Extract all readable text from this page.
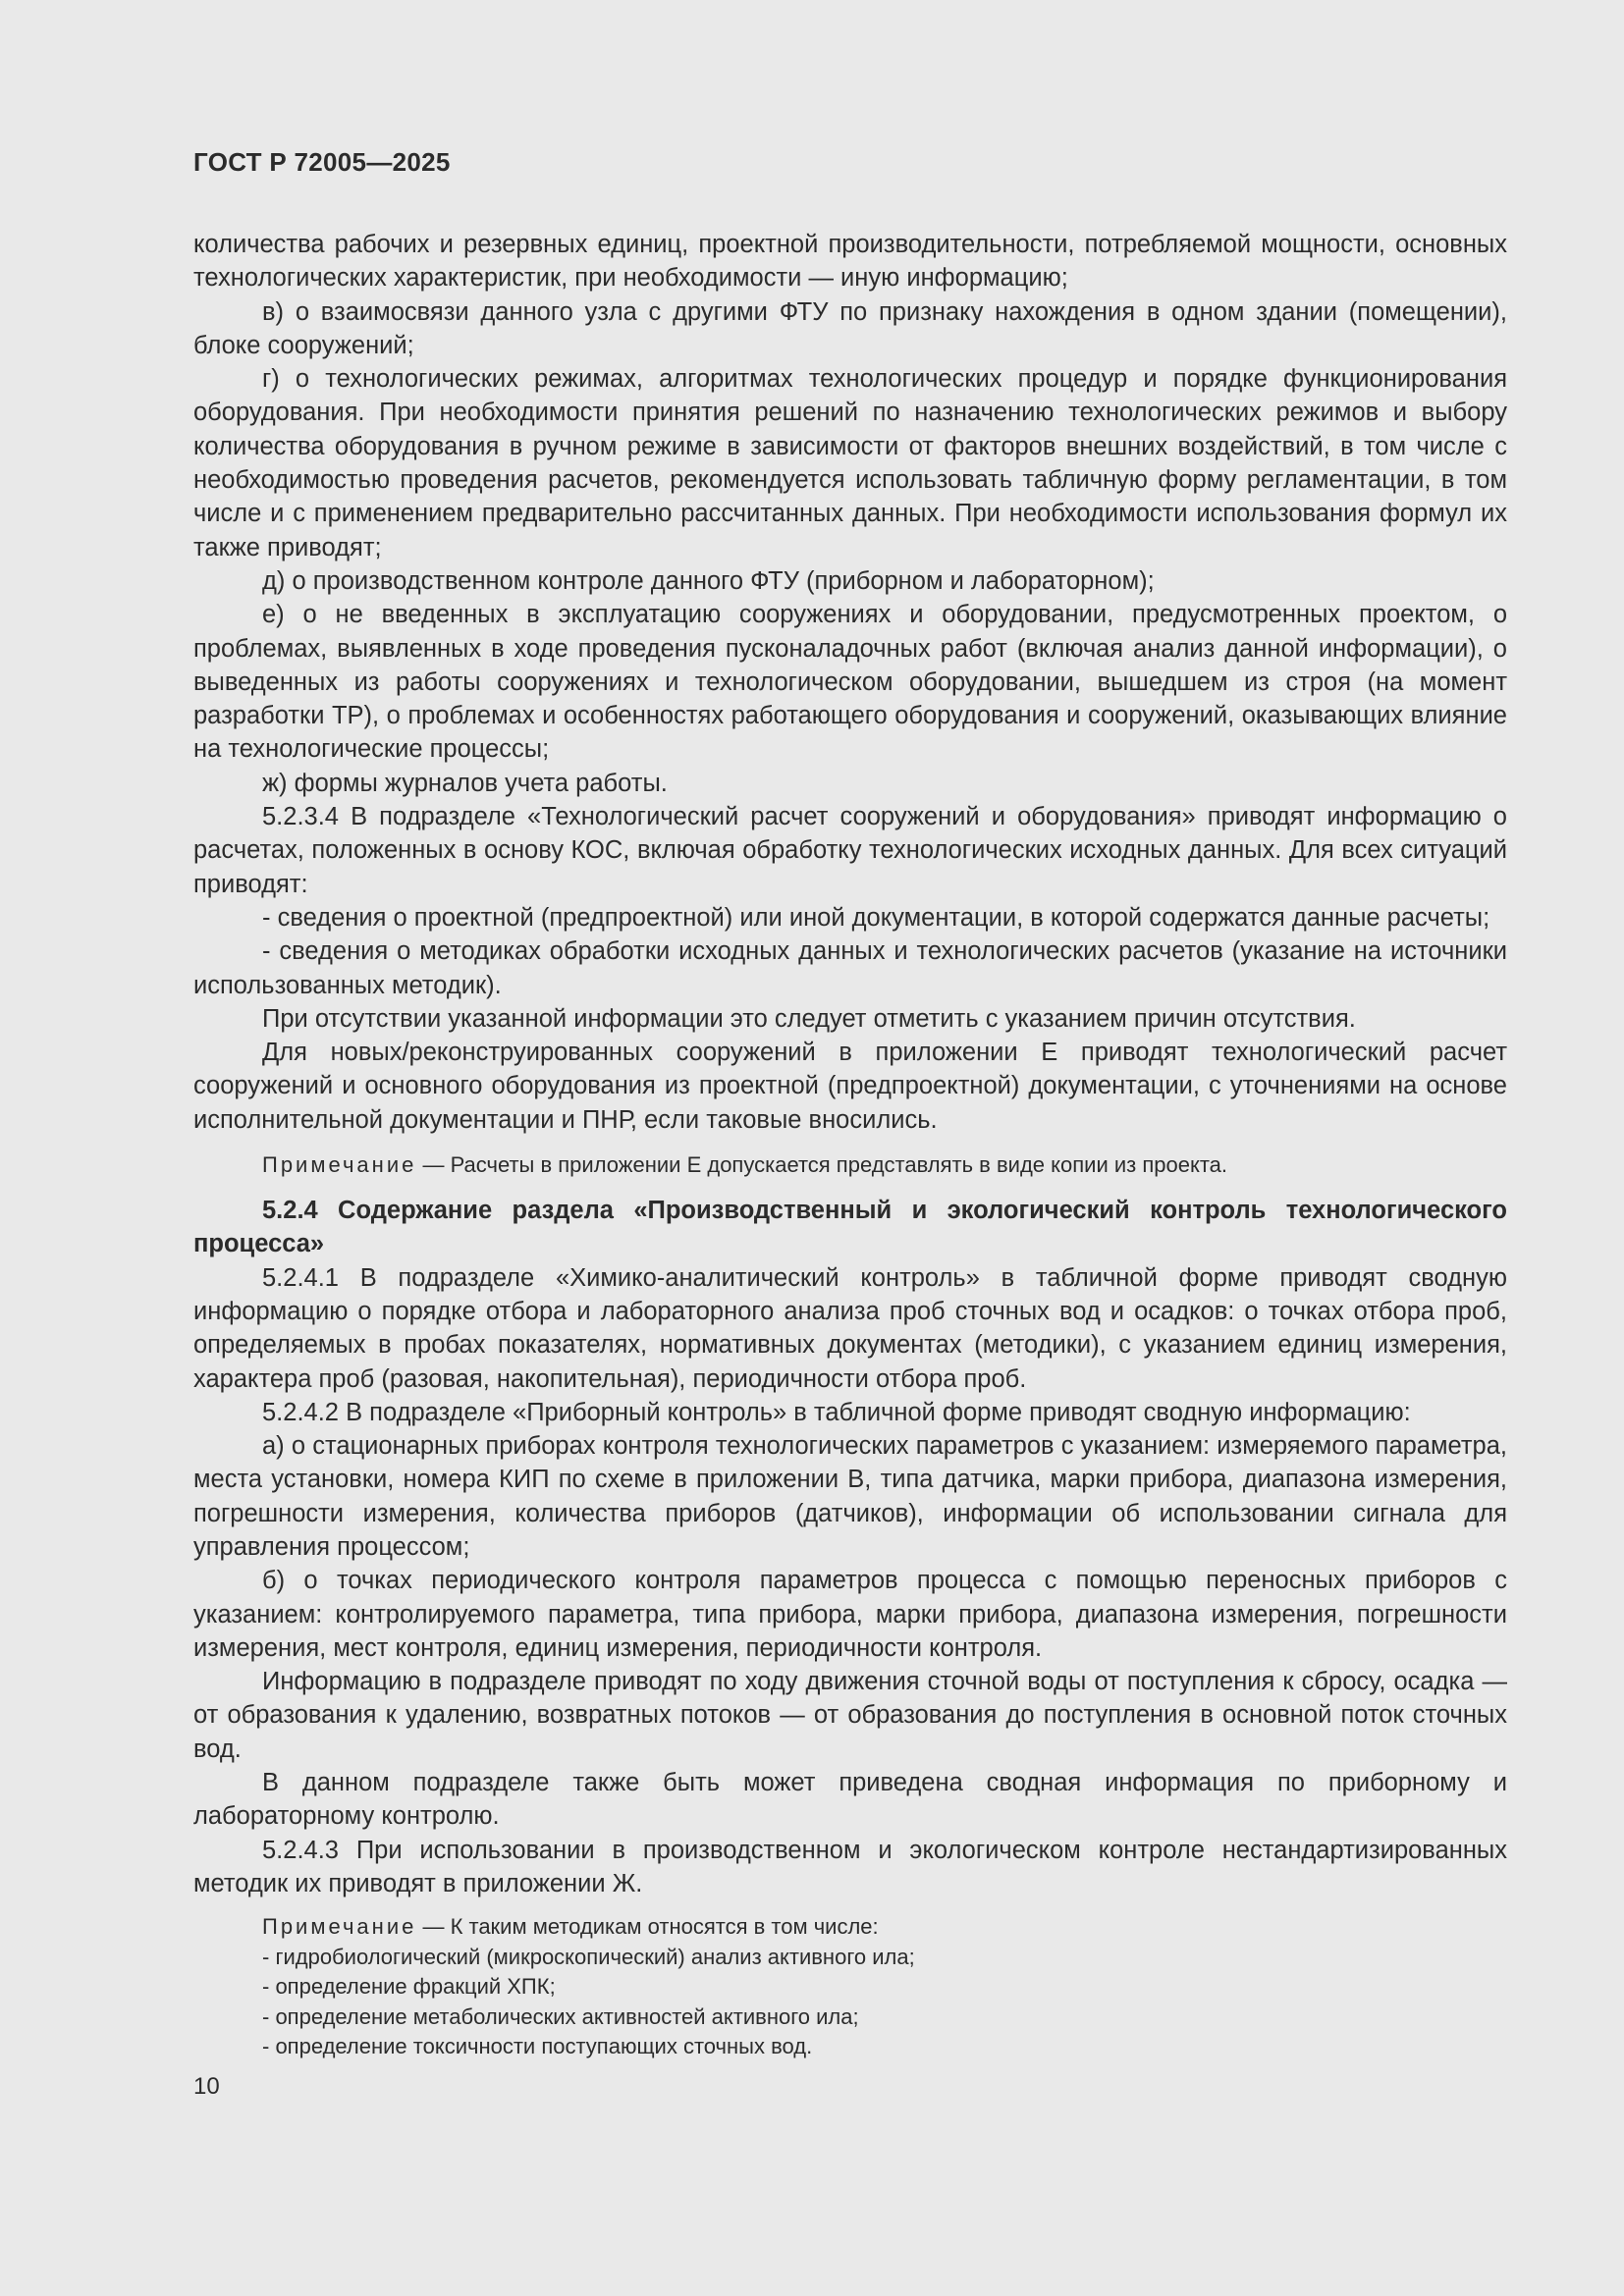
ГОСТ Р 72005—2025

количества рабочих и резервных единиц, проектной производительности, потребляемой мощности, основных технологических характеристик, при необходимости — иную информацию;

в) о взаимосвязи данного узла с другими ФТУ по признаку нахождения в одном здании (помещении), блоке сооружений;

г) о технологических режимах, алгоритмах технологических процедур и порядке функционирования оборудования. При необходимости принятия решений по назначению технологических режимов и выбору количества оборудования в ручном режиме в зависимости от факторов внешних воздействий, в том числе с необходимостью проведения расчетов, рекомендуется использовать табличную форму регламентации, в том числе и с применением предварительно рассчитанных данных. При необходимости использования формул их также приводят;

д) о производственном контроле данного ФТУ (приборном и лабораторном);

е) о не введенных в эксплуатацию сооружениях и оборудовании, предусмотренных проектом, о проблемах, выявленных в ходе проведения пусконаладочных работ (включая анализ данной информации), о выведенных из работы сооружениях и технологическом оборудовании, вышедшем из строя (на момент разработки ТР), о проблемах и особенностях работающего оборудования и сооружений, оказывающих влияние на технологические процессы;

ж) формы журналов учета работы.

5.2.3.4 В подразделе «Технологический расчет сооружений и оборудования» приводят информацию о расчетах, положенных в основу КОС, включая обработку технологических исходных данных. Для всех ситуаций приводят:

- сведения о проектной (предпроектной) или иной документации, в которой содержатся данные расчеты;

- сведения о методиках обработки исходных данных и технологических расчетов (указание на источники использованных методик).

При отсутствии указанной информации это следует отметить с указанием причин отсутствия.

Для новых/реконструированных сооружений в приложении Е приводят технологический расчет сооружений и основного оборудования из проектной (предпроектной) документации, с уточнениями на основе исполнительной документации и ПНР, если таковые вносились.

Примечание — Расчеты в приложении Е допускается представлять в виде копии из проекта.

5.2.4 Содержание раздела «Производственный и экологический контроль технологического процесса»

5.2.4.1 В подразделе «Химико-аналитический контроль» в табличной форме приводят сводную информацию о порядке отбора и лабораторного анализа проб сточных вод и осадков: о точках отбора проб, определяемых в пробах показателях, нормативных документах (методики), с указанием единиц измерения, характера проб (разовая, накопительная), периодичности отбора проб.

5.2.4.2 В подразделе «Приборный контроль» в табличной форме приводят сводную информацию:

а) о стационарных приборах контроля технологических параметров с указанием: измеряемого параметра, места установки, номера КИП по схеме в приложении В, типа датчика, марки прибора, диапазона измерения, погрешности измерения, количества приборов (датчиков), информации об использовании сигнала для управления процессом;

б) о точках периодического контроля параметров процесса с помощью переносных приборов с указанием: контролируемого параметра, типа прибора, марки прибора, диапазона измерения, погрешности измерения, мест контроля, единиц измерения, периодичности контроля.

Информацию в подразделе приводят по ходу движения сточной воды от поступления к сбросу, осадка — от образования к удалению, возвратных потоков — от образования до поступления в основной поток сточных вод.

В данном подразделе также быть может приведена сводная информация по приборному и лабораторному контролю.

5.2.4.3 При использовании в производственном и экологическом контроле нестандартизированных методик их приводят в приложении Ж.

Примечание — К таким методикам относятся в том числе:
- гидробиологический (микроскопический) анализ активного ила;
- определение фракций ХПК;
- определение метаболических активностей активного ила;
- определение токсичности поступающих сточных вод.
10
